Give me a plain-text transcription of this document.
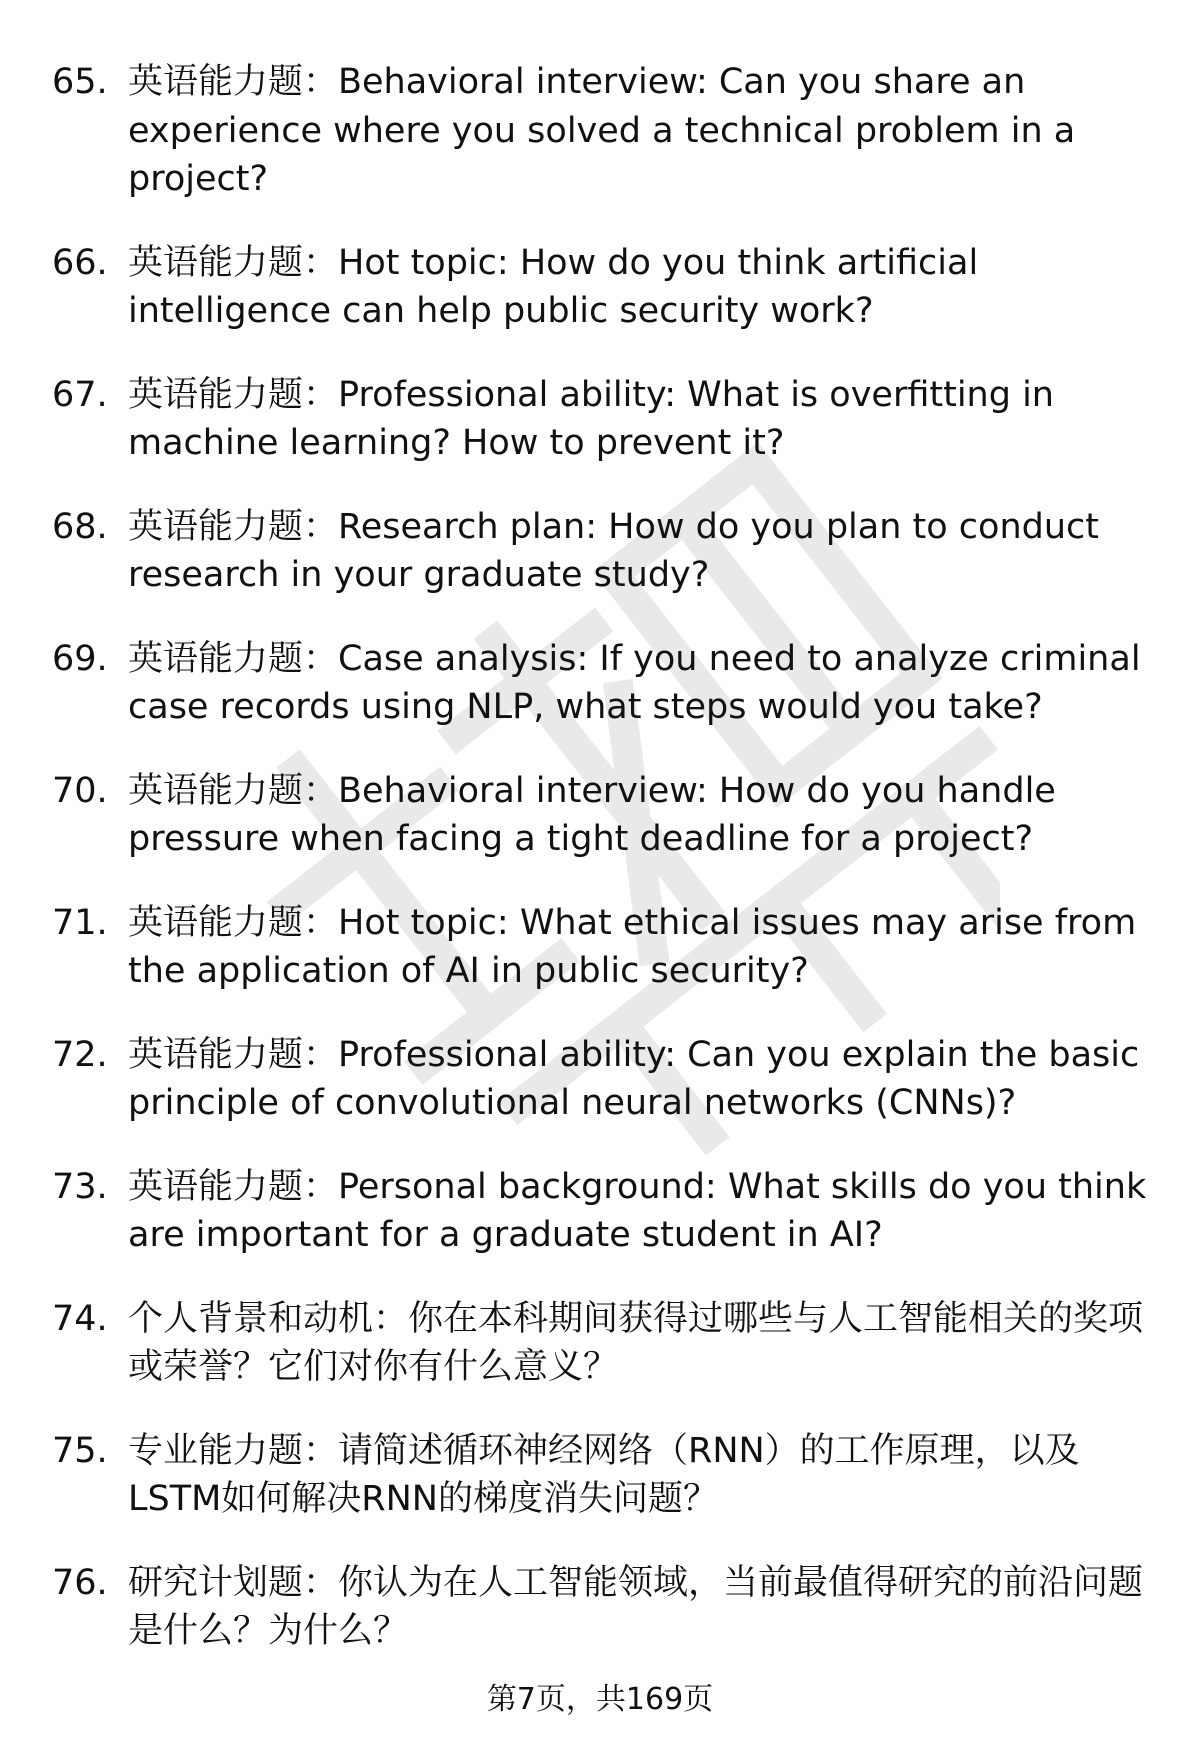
65. 英语能力题：Behavioral interview: Can you share an experience where you solved a technical problem in a project?
66. 英语能力题：Hot topic: How do you think artificial intelligence can help public security work?
67. 英语能力题：Professional ability: What is overfitting in machine learning? How to prevent it?
68. 英语能力题：Research plan: How do you plan to conduct research in your graduate study?
69. 英语能力题：Case analysis: If you need to analyze criminal case records using NLP, what steps would you take?
70. 英语能力题：Behavioral interview: How do you handle pressure when facing a tight deadline for a project?
71. 英语能力题：Hot topic: What ethical issues may arise from the application of AI in public security?
72. 英语能力题：Professional ability: Can you explain the basic principle of convolutional neural networks (CNNs)?
73. 英语能力题：Personal background: What skills do you think are important for a graduate student in AI?
74. 个人背景和动机：你在本科期间获得过哪些与人工智能相关的奖项或荣誉？它们对你有什么意义？
75. 专业能力题：请简述循环神经网络（RNN）的工作原理，以及LSTM如何解决RNN的梯度消失问题？
76. 研究计划题：你认为在人工智能领域，当前最值得研究的前沿问题是什么？为什么？
第7页，共169页
